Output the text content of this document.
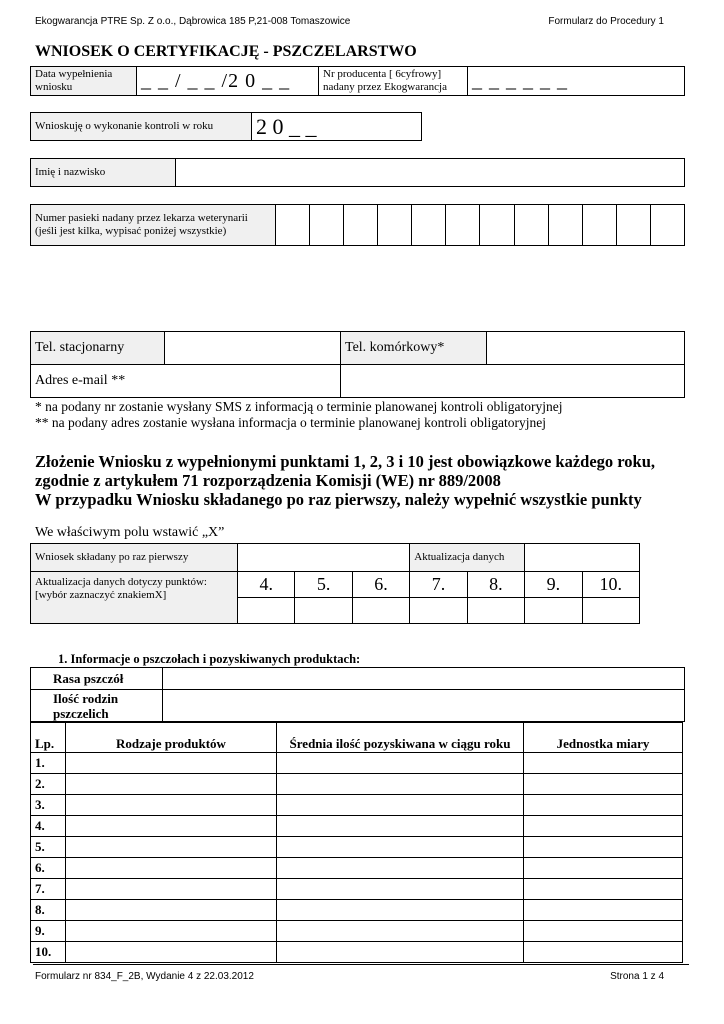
Ekogwarancja PTRE Sp. Z o.o., Dąbrowica 185 P,21-008 Tomaszowice	Formularz do Procedury 1
WNIOSEK O CERTYFIKACJĘ - PSZCZELARSTWO
Data wypełnienia wniosku	_ _ / _ _ /2 0 _ _	Nr producenta [ 6cyfrowy] nadany przez Ekogwarancja	_ _ _ _ _ _
Wnioskuję o wykonanie kontroli w roku	2 0 _ _
Imię i nazwisko	
Numer pasieki nadany przez lekarza weterynarii (jeśli jest kilka, wypisać poniżej wszystkie)												
Tel. stacjonarny		Tel. komórkowy*	
Adres e-mail **			
* na podany nr zostanie wysłany SMS z informacją o terminie planowanej kontroli obligatoryjnej
** na podany adres zostanie wysłana informacja o terminie planowanej kontroli obligatoryjnej
Złożenie Wniosku z wypełnionymi punktami 1, 2, 3 i 10 jest obowiązkowe każdego roku,
zgodnie z artykułem 71 rozporządzenia Komisji (WE) nr 889/2008
W przypadku Wniosku składanego po raz pierwszy, należy wypełnić wszystkie punkty
We właściwym polu wstawić „X”
Wniosek składany po raz pierwszy				Aktualizacja danych			
Aktualizacja danych dotyczy punktów: [wybór zaznaczyć znakiemX]	4.	5.	6.	7.	8.	9.	10.

1. Informacje o pszczołach i pozyskiwanych produktach:
Rasa pszczół	
Ilość rodzin pszczelich	
Lp.	Rodzaje produktów	Średnia ilość pozyskiwana w ciągu roku	Jednostka miary
1.			
2.			
3.			
4.			
5.			
6.			
7.			
8.			
9.			
10.			
Formularz nr 834_F_2B, Wydanie 4 z 22.03.2012	Strona 1 z 4
